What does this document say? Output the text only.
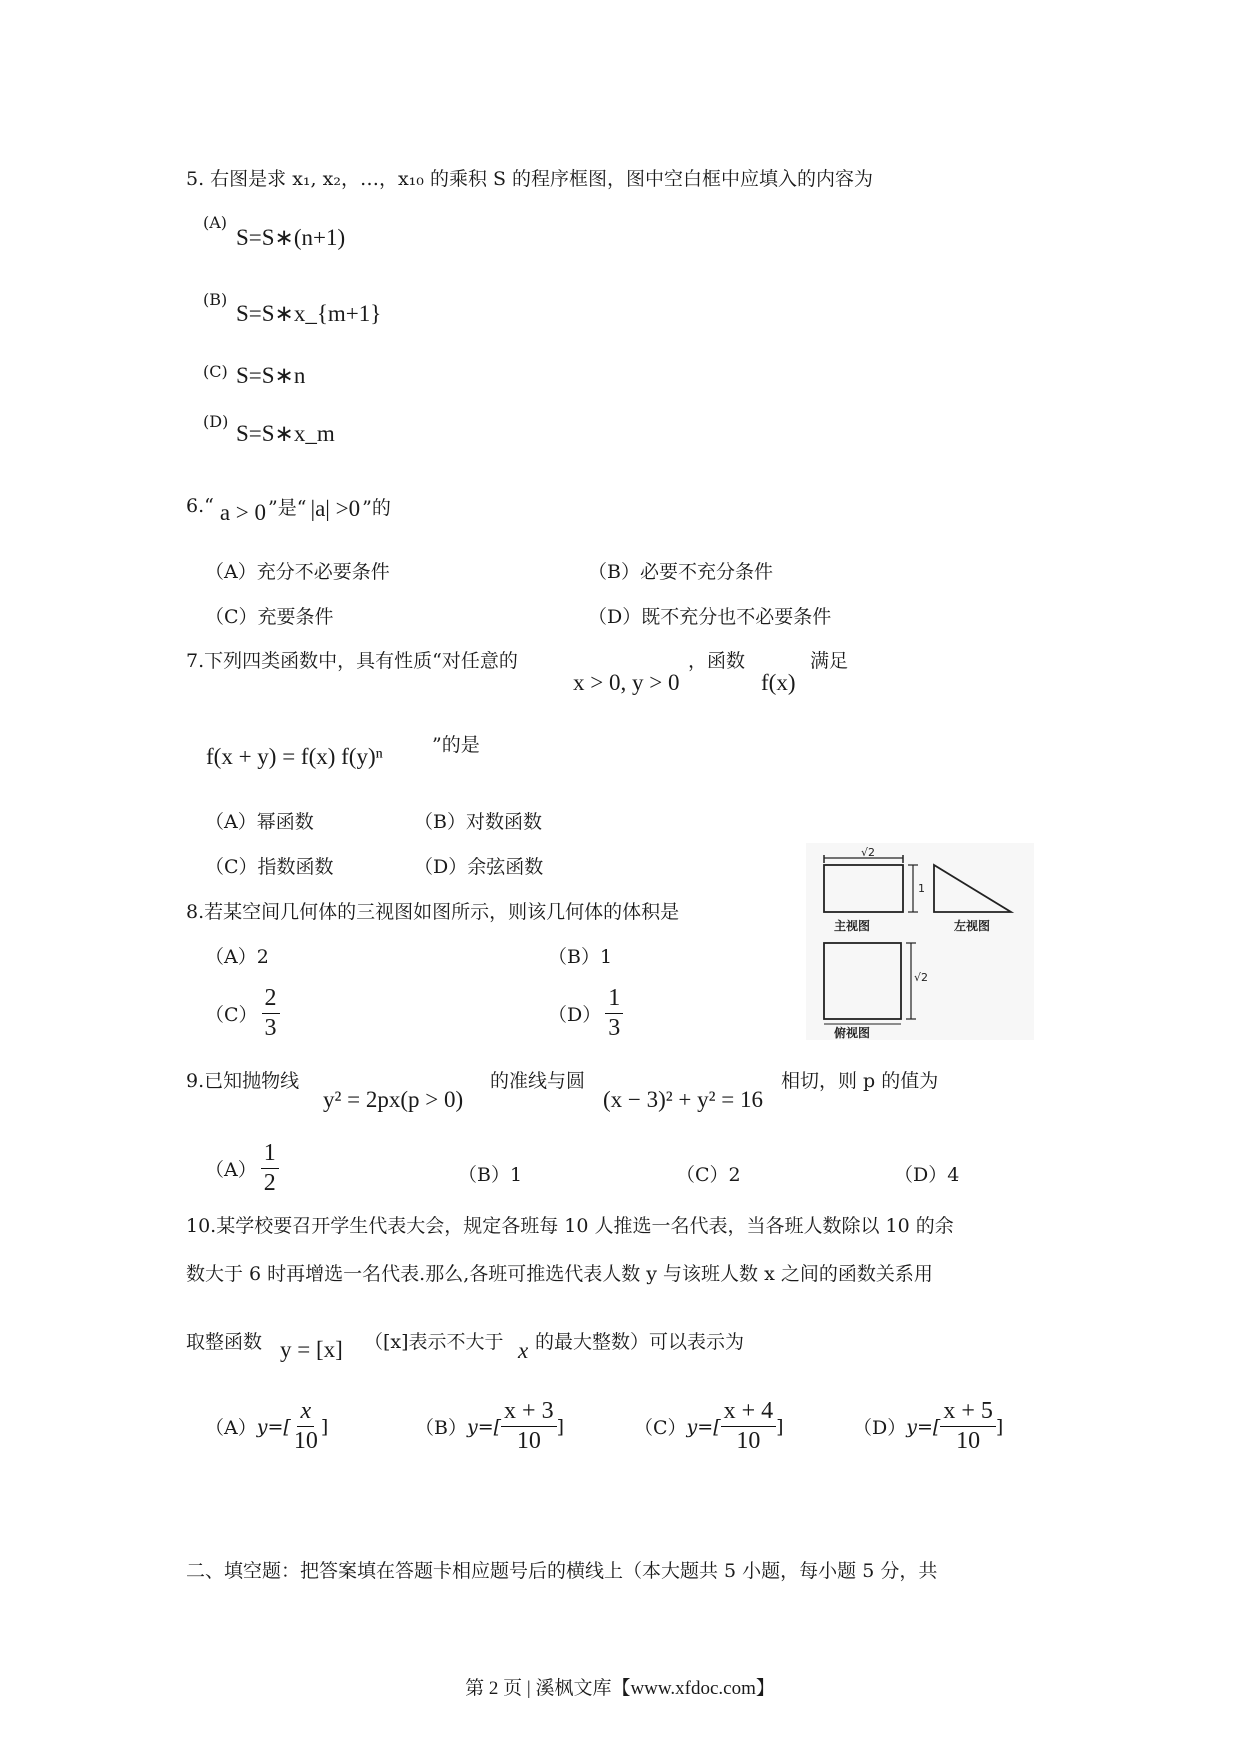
5. 右图是求 x₁, x₂，…，x₁₀ 的乘积 S 的程序框图，图中空白框中应填入的内容为
(A)
S=S∗(n+1)
(B)
S=S∗x_{m+1}
(C) S=S∗n
(D) S=S∗x_m
6.“ a > 0 ”是“ |a| >0 ”的
（A）充分不必要条件	（B）必要不充分条件
（C）充要条件	（D）既不充分也不必要条件
7.下列四类函数中，具有性质“对任意的
x > 0, y > 0
，函数
f(x)
满足
f(x + y) = f(x) f(y)ⁿ	”的是
（A）幂函数	（B）对数函数
（C）指数函数	（D）余弦函数
8.若某空间几何体的三视图如图所示，则该几何体的体积是
（A）2	（B）1
$(C) \frac{2}{3}$	$(D) \frac{1}{3}$
√2
1
主视图	左视图
√2
俯视图
9.已知抛物线
y² = 2px(p > 0)
的准线与圆
(x − 3)² + y² = 16
相切，则 p 的值为
$(A) \frac{1}{2}$	（B）1	（C）2	（D）4
10.某学校要召开学生代表大会，规定各班每 10 人推选一名代表，当各班人数除以 10 的余
数大于 6 时再增选一名代表.那么,各班可推选代表人数 y 与该班人数 x 之间的函数关系用
取整函数 y = [x] （[x]表示不大于 x 的最大整数）可以表示为
（A） $y=[ \frac{x}{10}$ ]	（B） $y=[ \frac{x + 3}{10}$ ]	（C） $y=[ \frac{x + 4}{10}$ ]	（D） $y=[ \frac{x + 5}{10}$ ]
二、填空题：把答案填在答题卡相应题号后的横线上（本大题共 5 小题，每小题 5 分，共
第 2 页 | 溪枫文库【www.xfdoc.com】
